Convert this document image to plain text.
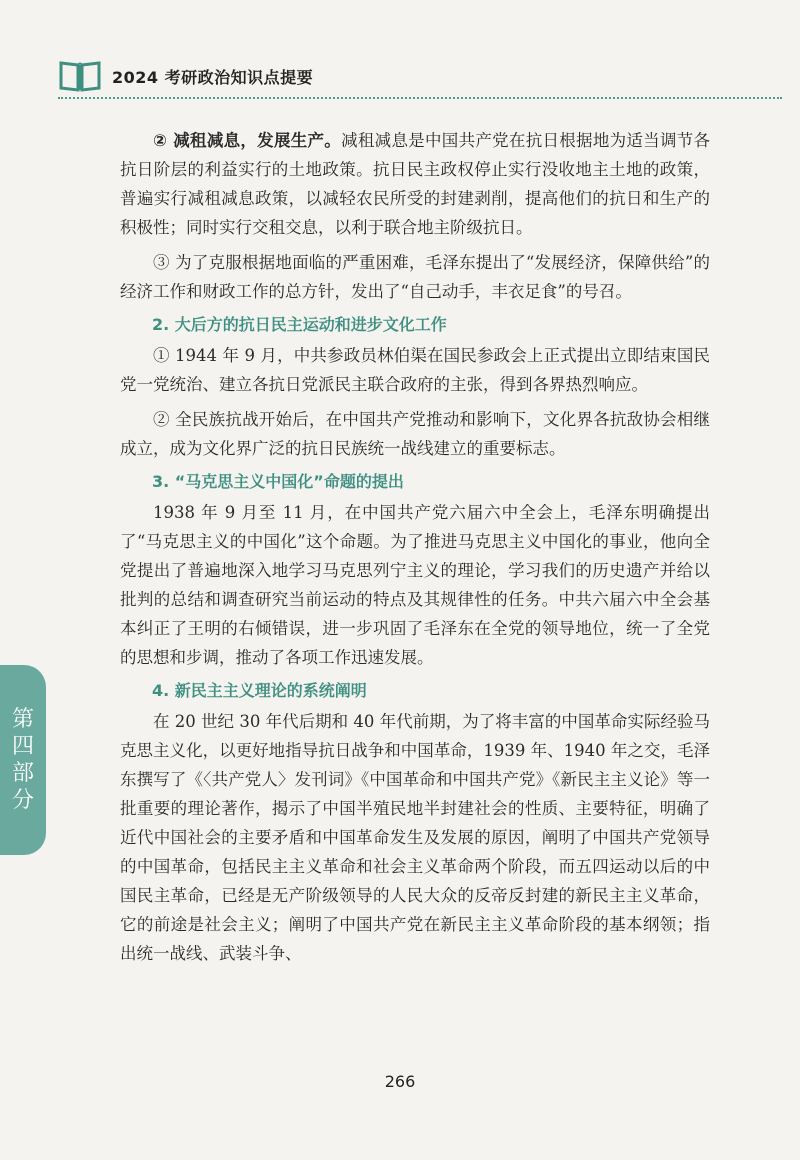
2024 考研政治知识点提要
第
四
部
分

② 减租减息，发展生产。减租减息是中国共产党在抗日根据地为适当调节各抗日阶层的利益实行的土地政策。抗日民主政权停止实行没收地主土地的政策，普遍实行减租减息政策，以减轻农民所受的封建剥削，提高他们的抗日和生产的积极性；同时实行交租交息，以利于联合地主阶级抗日。

③ 为了克服根据地面临的严重困难，毛泽东提出了“发展经济，保障供给”的经济工作和财政工作的总方针，发出了“自己动手，丰衣足食”的号召。

2. 大后方的抗日民主运动和进步文化工作

① 1944 年 9 月，中共参政员林伯渠在国民参政会上正式提出立即结束国民党一党统治、建立各抗日党派民主联合政府的主张，得到各界热烈响应。

② 全民族抗战开始后，在中国共产党推动和影响下，文化界各抗敌协会相继成立，成为文化界广泛的抗日民族统一战线建立的重要标志。

3. “马克思主义中国化”命题的提出

1938 年 9 月至 11 月，在中国共产党六届六中全会上，毛泽东明确提出了“马克思主义的中国化”这个命题。为了推进马克思主义中国化的事业，他向全党提出了普遍地深入地学习马克思列宁主义的理论，学习我们的历史遗产并给以批判的总结和调查研究当前运动的特点及其规律性的任务。中共六届六中全会基本纠正了王明的右倾错误，进一步巩固了毛泽东在全党的领导地位，统一了全党的思想和步调，推动了各项工作迅速发展。

4. 新民主主义理论的系统阐明

在 20 世纪 30 年代后期和 40 年代前期，为了将丰富的中国革命实际经验马克思主义化，以更好地指导抗日战争和中国革命，1939 年、1940 年之交，毛泽东撰写了《〈共产党人〉发刊词》《中国革命和中国共产党》《新民主主义论》等一批重要的理论著作，揭示了中国半殖民地半封建社会的性质、主要特征，明确了近代中国社会的主要矛盾和中国革命发生及发展的原因，阐明了中国共产党领导的中国革命，包括民主主义革命和社会主义革命两个阶段，而五四运动以后的中国民主革命，已经是无产阶级领导的人民大众的反帝反封建的新民主主义革命，它的前途是社会主义；阐明了中国共产党在新民主主义革命阶段的基本纲领；指出统一战线、武装斗争、

266
